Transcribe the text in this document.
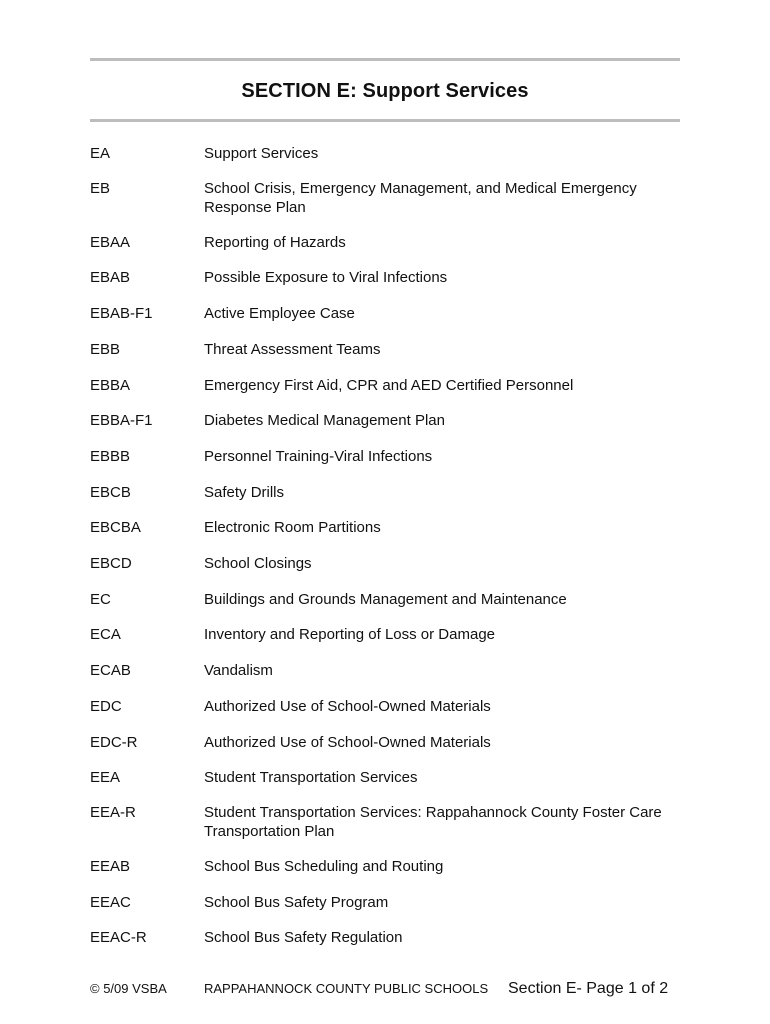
SECTION E: Support Services
EA	Support Services
EB	School Crisis, Emergency Management, and Medical Emergency Response Plan
EBAA	Reporting of Hazards
EBAB	Possible Exposure to Viral Infections
EBAB-F1	Active Employee Case
EBB	Threat Assessment Teams
EBBA	Emergency First Aid, CPR and AED Certified Personnel
EBBA-F1	Diabetes Medical Management Plan
EBBB	Personnel Training-Viral Infections
EBCB	Safety Drills
EBCBA	Electronic Room Partitions
EBCD	School Closings
EC	Buildings and Grounds Management and Maintenance
ECA	Inventory and Reporting of Loss or Damage
ECAB	Vandalism
EDC	Authorized Use of School-Owned Materials
EDC-R	Authorized Use of School-Owned Materials
EEA	Student Transportation Services
EEA-R	Student Transportation Services: Rappahannock County Foster Care Transportation Plan
EEAB	School Bus Scheduling and Routing
EEAC	School Bus Safety Program
EEAC-R	School Bus Safety Regulation
© 5/09 VSBA	RAPPAHANNOCK COUNTY PUBLIC SCHOOLS Section E- Page 1 of 2
